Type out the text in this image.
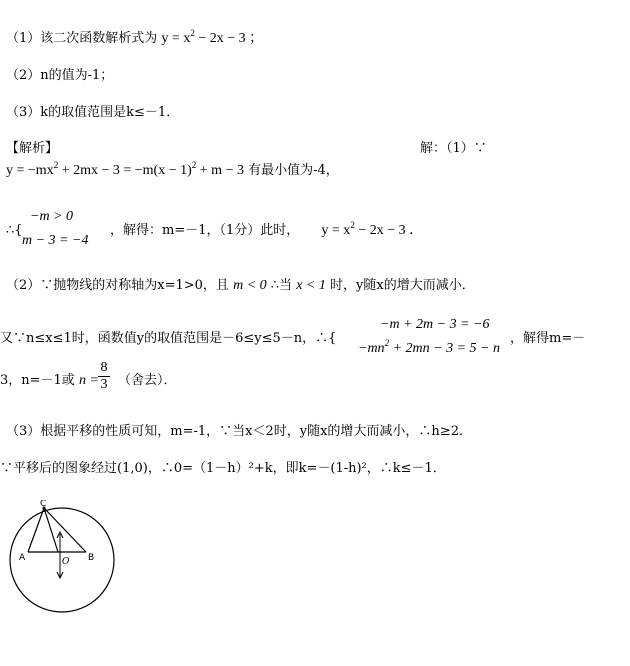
（1）该二次函数解析式为 $y = x^2 - 2x - 3$ ；
（2）n的值为-1；
（3）k的取值范围是k≤－1．
【解析】	解：（1）∵
$y = -mx^2 + 2mx - 3 = -m(x - 1)^2 + m - 3$ 有最小值为-4，
∴{
−m > 0
m − 3 = −4
，解得：m=－1，（1分）此时， $y = x^2 - 2x - 3$ ．
（2）∵抛物线的对称轴为x=1>0，且 m < 0 ∴当 x < 1 时，y随x的增大而减小．
又∵n≤x≤1时，函数值y的取值范围是－6≤y≤5－n，∴{
−m + 2m − 3 = −6
$-mn^2 + 2mn - 3 = 5 - n$
，解得m=－
3，n=－1或 n =
8
3 （舍去）．
（3）根据平移的性质可知，m=-1，∵当x＜2时，y随x的增大而减小，∴h≥2．
∵平移后的图象经过(1,0)，∴0=（1－h）²+k，即k=－(1-h)²，∴k≤－1．
C
A	B
O
